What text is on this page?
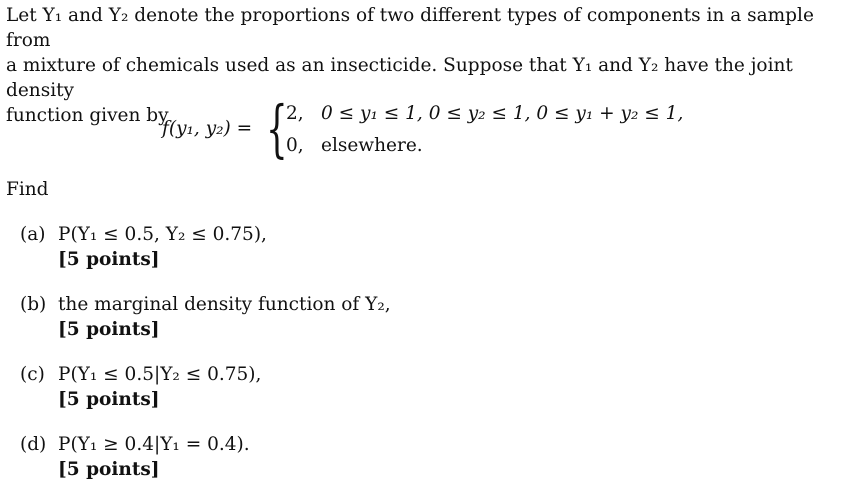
Let Y₁ and Y₂ denote the proportions of two different types of components in a sample from
a mixture of chemicals used as an insecticide. Suppose that Y₁ and Y₂ have the joint density
function given by
f(y₁, y₂) = {
2, 0 ≤ y₁ ≤ 1, 0 ≤ y₂ ≤ 1, 0 ≤ y₁ + y₂ ≤ 1,
0, elsewhere.
Find
(a) P(Y₁ ≤ 0.5, Y₂ ≤ 0.75),
[5 points]
(b) the marginal density function of Y₂,
[5 points]
(c) P(Y₁ ≤ 0.5|Y₂ ≤ 0.75),
[5 points]
(d) P(Y₁ ≥ 0.4|Y₁ = 0.4).
[5 points]
